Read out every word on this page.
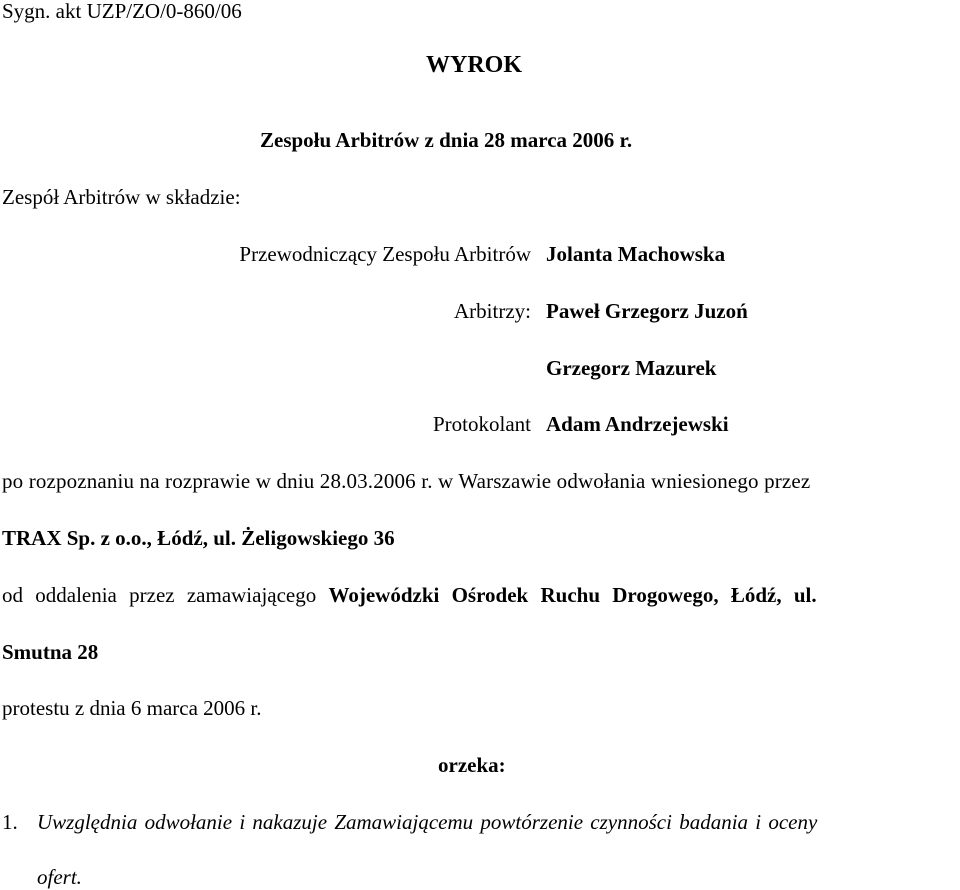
Sygn. akt UZP/ZO/0-860/06
WYROK
Zespołu Arbitrów z dnia 28 marca 2006 r.
Zespół Arbitrów w składzie:
Przewodniczący Zespołu Arbitrów Jolanta Machowska
Arbitrzy: Paweł Grzegorz Juzoń
Grzegorz Mazurek
Protokolant Adam Andrzejewski
po rozpoznaniu na rozprawie w dniu 28.03.2006 r. w Warszawie odwołania wniesionego przez
TRAX Sp. z o.o., Łódź, ul. Żeligowskiego 36
od oddalenia przez zamawiającego Wojewódzki Ośrodek Ruchu Drogowego, Łódź, ul.
Smutna 28
protestu z dnia 6 marca 2006 r.
orzeka:
1. Uwzględnia odwołanie i nakazuje Zamawiającemu powtórzenie czynności badania i oceny
ofert.
